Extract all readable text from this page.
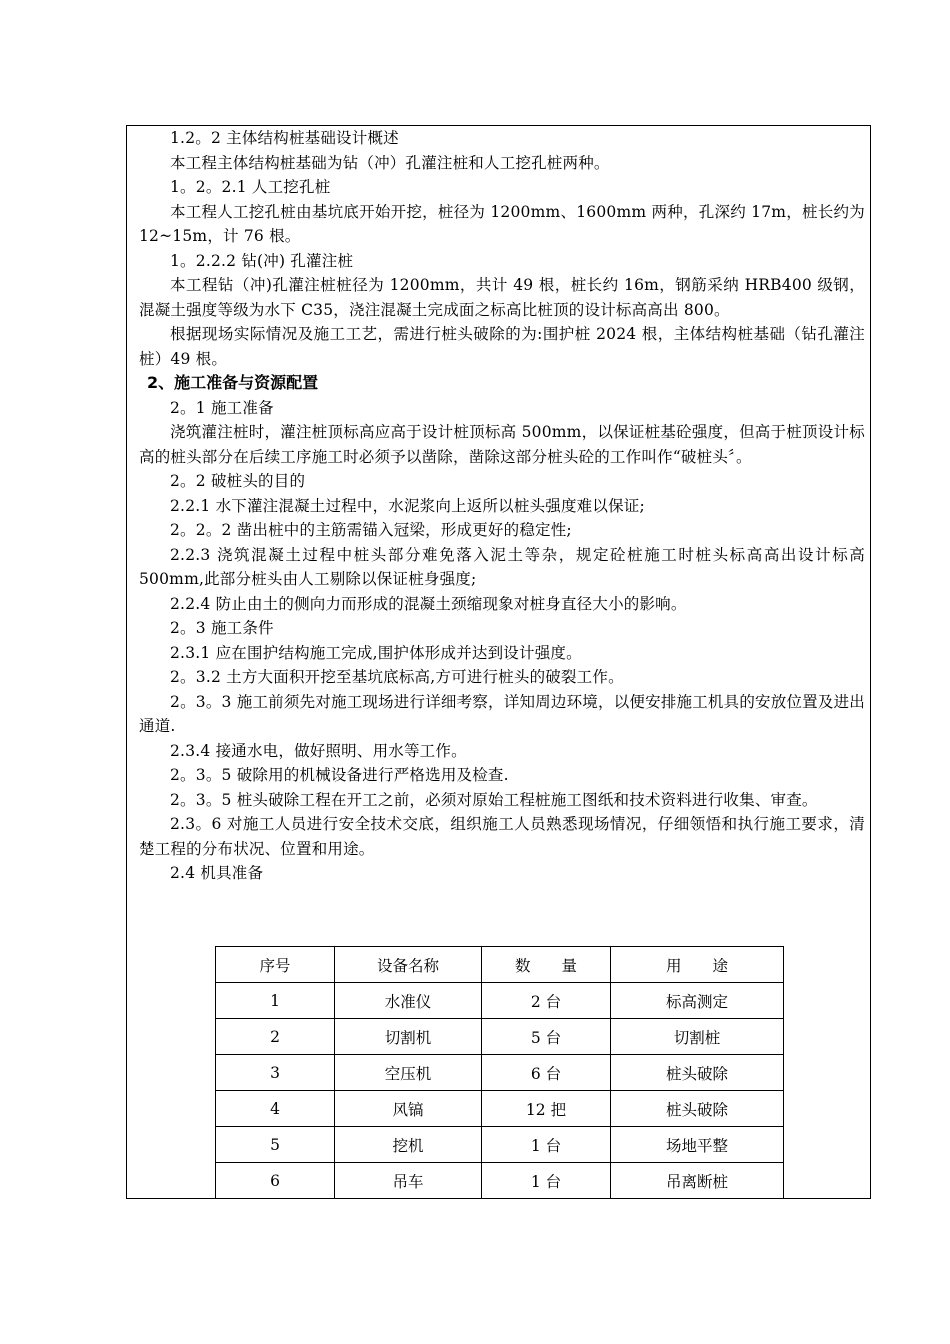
1.2。2 主体结构桩基础设计概述

本工程主体结构桩基础为钻（冲）孔灌注桩和人工挖孔桩两种。

1。2。2.1 人工挖孔桩

本工程人工挖孔桩由基坑底开始开挖，桩径为 1200mm、1600mm 两种，孔深约 17m，桩长约为 12~15m，计 76 根。

1。2.2.2 钻(冲) 孔灌注桩

本工程钻（冲)孔灌注桩桩径为 1200mm，共计 49 根，桩长约 16m，钢筋采纳 HRB400 级钢，混凝土强度等级为水下 C35，浇注混凝土完成面之标高比桩顶的设计标高高出 800。

根据现场实际情况及施工工艺，需进行桩头破除的为:围护桩 2024 根，主体结构桩基础（钻孔灌注桩）49 根。

2、施工准备与资源配置

2。1 施工准备

浇筑灌注桩时，灌注桩顶标高应高于设计桩顶标高 500mm，以保证桩基砼强度，但高于桩顶设计标高的桩头部分在后续工序施工时必须予以凿除，凿除这部分桩头砼的工作叫作“破桩头〞。

2。2 破桩头的目的

2.2.1 水下灌注混凝土过程中，水泥浆向上返所以桩头强度难以保证;

2。2。2 凿出桩中的主筋需锚入冠梁，形成更好的稳定性;

2.2.3 浇筑混凝土过程中桩头部分难免落入泥土等杂，规定砼桩施工时桩头标高高出设计标高 500mm,此部分桩头由人工剔除以保证桩身强度;

2.2.4 防止由土的侧向力而形成的混凝土颈缩现象对桩身直径大小的影响。

2。3 施工条件

2.3.1 应在围护结构施工完成,围护体形成并达到设计强度。

2。3.2 土方大面积开挖至基坑底标高,方可进行桩头的破裂工作。

2。3。3 施工前须先对施工现场进行详细考察，详知周边环境，以便安排施工机具的安放位置及进出通道.

2.3.4 接通水电，做好照明、用水等工作。

2。3。5 破除用的机械设备进行严格选用及检查.

2。3。5 桩头破除工程在开工之前，必须对原始工程桩施工图纸和技术资料进行收集、审查。

2.3。6 对施工人员进行安全技术交底，组织施工人员熟悉现场情况，仔细领悟和执行施工要求，清楚工程的分布状况、位置和用途。

2.4 机具准备

序号	设备名称	数　　量	用　　途
1	水准仪	2 台	标高测定
2	切割机	5 台	切割桩
3	空压机	6 台	桩头破除
4	风镐	12 把	桩头破除
5	挖机	1 台	场地平整
6	吊车	1 台	吊离断桩
